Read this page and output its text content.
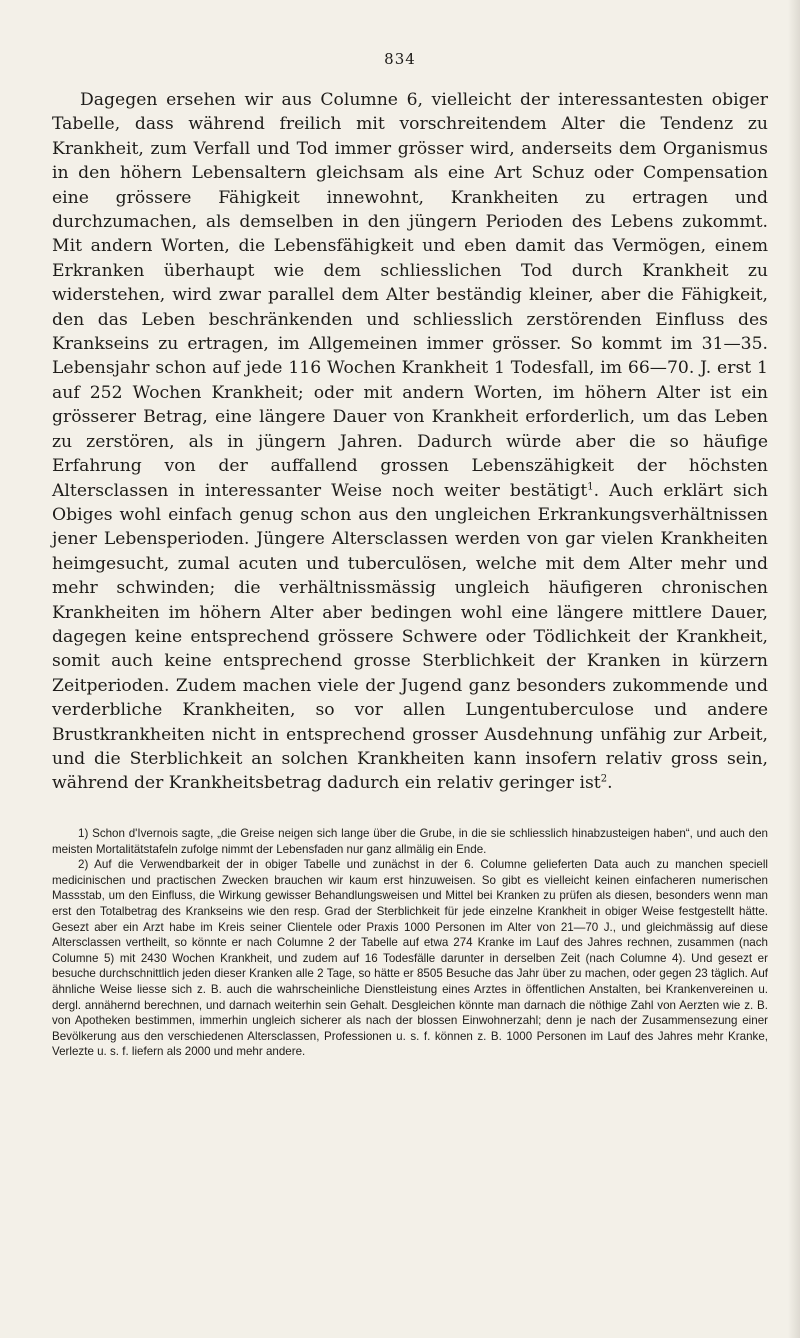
834

Dagegen ersehen wir aus Columne 6, vielleicht der interessantesten obiger Tabelle, dass während freilich mit vorschreitendem Alter die Tendenz zu Krankheit, zum Verfall und Tod immer grösser wird, anderseits dem Organismus in den höhern Lebensaltern gleichsam als eine Art Schuz oder Compensation eine grössere Fähigkeit innewohnt, Krankheiten zu ertragen und durchzumachen, als demselben in den jüngern Perioden des Lebens zukommt. Mit andern Worten, die Lebensfähigkeit und eben damit das Vermögen, einem Erkranken überhaupt wie dem schliesslichen Tod durch Krankheit zu widerstehen, wird zwar parallel dem Alter beständig kleiner, aber die Fähigkeit, den das Leben beschränkenden und schliesslich zerstörenden Einfluss des Krankseins zu ertragen, im Allgemeinen immer grösser. So kommt im 31—35. Lebensjahr schon auf jede 116 Wochen Krankheit 1 Todesfall, im 66—70. J. erst 1 auf 252 Wochen Krankheit; oder mit andern Worten, im höhern Alter ist ein grösserer Betrag, eine längere Dauer von Krankheit erforderlich, um das Leben zu zerstören, als in jüngern Jahren. Dadurch würde aber die so häufige Erfahrung von der auffallend grossen Lebenszähigkeit der höchsten Altersclassen in interessanter Weise noch weiter bestätigt$^1$. Auch erklärt sich Obiges wohl einfach genug schon aus den ungleichen Erkrankungsverhältnissen jener Lebensperioden. Jüngere Altersclassen werden von gar vielen Krankheiten heimgesucht, zumal acuten und tuberculösen, welche mit dem Alter mehr und mehr schwinden; die verhältnissmässig ungleich häufigeren chronischen Krankheiten im höhern Alter aber bedingen wohl eine längere mittlere Dauer, dagegen keine entsprechend grössere Schwere oder Tödlichkeit der Krankheit, somit auch keine entsprechend grosse Sterblichkeit der Kranken in kürzern Zeitperioden. Zudem machen viele der Jugend ganz besonders zukommende und verderbliche Krankheiten, so vor allen Lungentuberculose und andere Brustkrankheiten nicht in entsprechend grosser Ausdehnung unfähig zur Arbeit, und die Sterblichkeit an solchen Krankheiten kann insofern relativ gross sein, während der Krankheitsbetrag dadurch ein relativ geringer ist$^2$.

1) Schon d'Ivernois sagte, „die Greise neigen sich lange über die Grube, in die sie schliesslich hinabzusteigen haben“, und auch den meisten Mortalitätstafeln zufolge nimmt der Lebensfaden nur ganz allmälig ein Ende.

2) Auf die Verwendbarkeit der in obiger Tabelle und zunächst in der 6. Columne gelieferten Data auch zu manchen speciell medicinischen und practischen Zwecken brauchen wir kaum erst hinzuweisen. So gibt es vielleicht keinen einfacheren numerischen Massstab, um den Einfluss, die Wirkung gewisser Behandlungsweisen und Mittel bei Kranken zu prüfen als diesen, besonders wenn man erst den Totalbetrag des Krankseins wie den resp. Grad der Sterblichkeit für jede einzelne Krankheit in obiger Weise festgestellt hätte. Gesezt aber ein Arzt habe im Kreis seiner Clientele oder Praxis 1000 Personen im Alter von 21—70 J., und gleichmässig auf diese Altersclassen vertheilt, so könnte er nach Columne 2 der Tabelle auf etwa 274 Kranke im Lauf des Jahres rechnen, zusammen (nach Columne 5) mit 2430 Wochen Krankheit, und zudem auf 16 Todesfälle darunter in derselben Zeit (nach Columne 4). Und gesezt er besuche durchschnittlich jeden dieser Kranken alle 2 Tage, so hätte er 8505 Besuche das Jahr über zu machen, oder gegen 23 täglich. Auf ähnliche Weise liesse sich z. B. auch die wahrscheinliche Dienstleistung eines Arztes in öffentlichen Anstalten, bei Krankenvereinen u. dergl. annähernd berechnen, und darnach weiterhin sein Gehalt. Desgleichen könnte man darnach die nöthige Zahl von Aerzten wie z. B. von Apotheken bestimmen, immerhin ungleich sicherer als nach der blossen Einwohnerzahl; denn je nach der Zusammensezung einer Bevölkerung aus den verschiedenen Altersclassen, Professionen u. s. f. können z. B. 1000 Personen im Lauf des Jahres mehr Kranke, Verlezte u. s. f. liefern als 2000 und mehr andere.
